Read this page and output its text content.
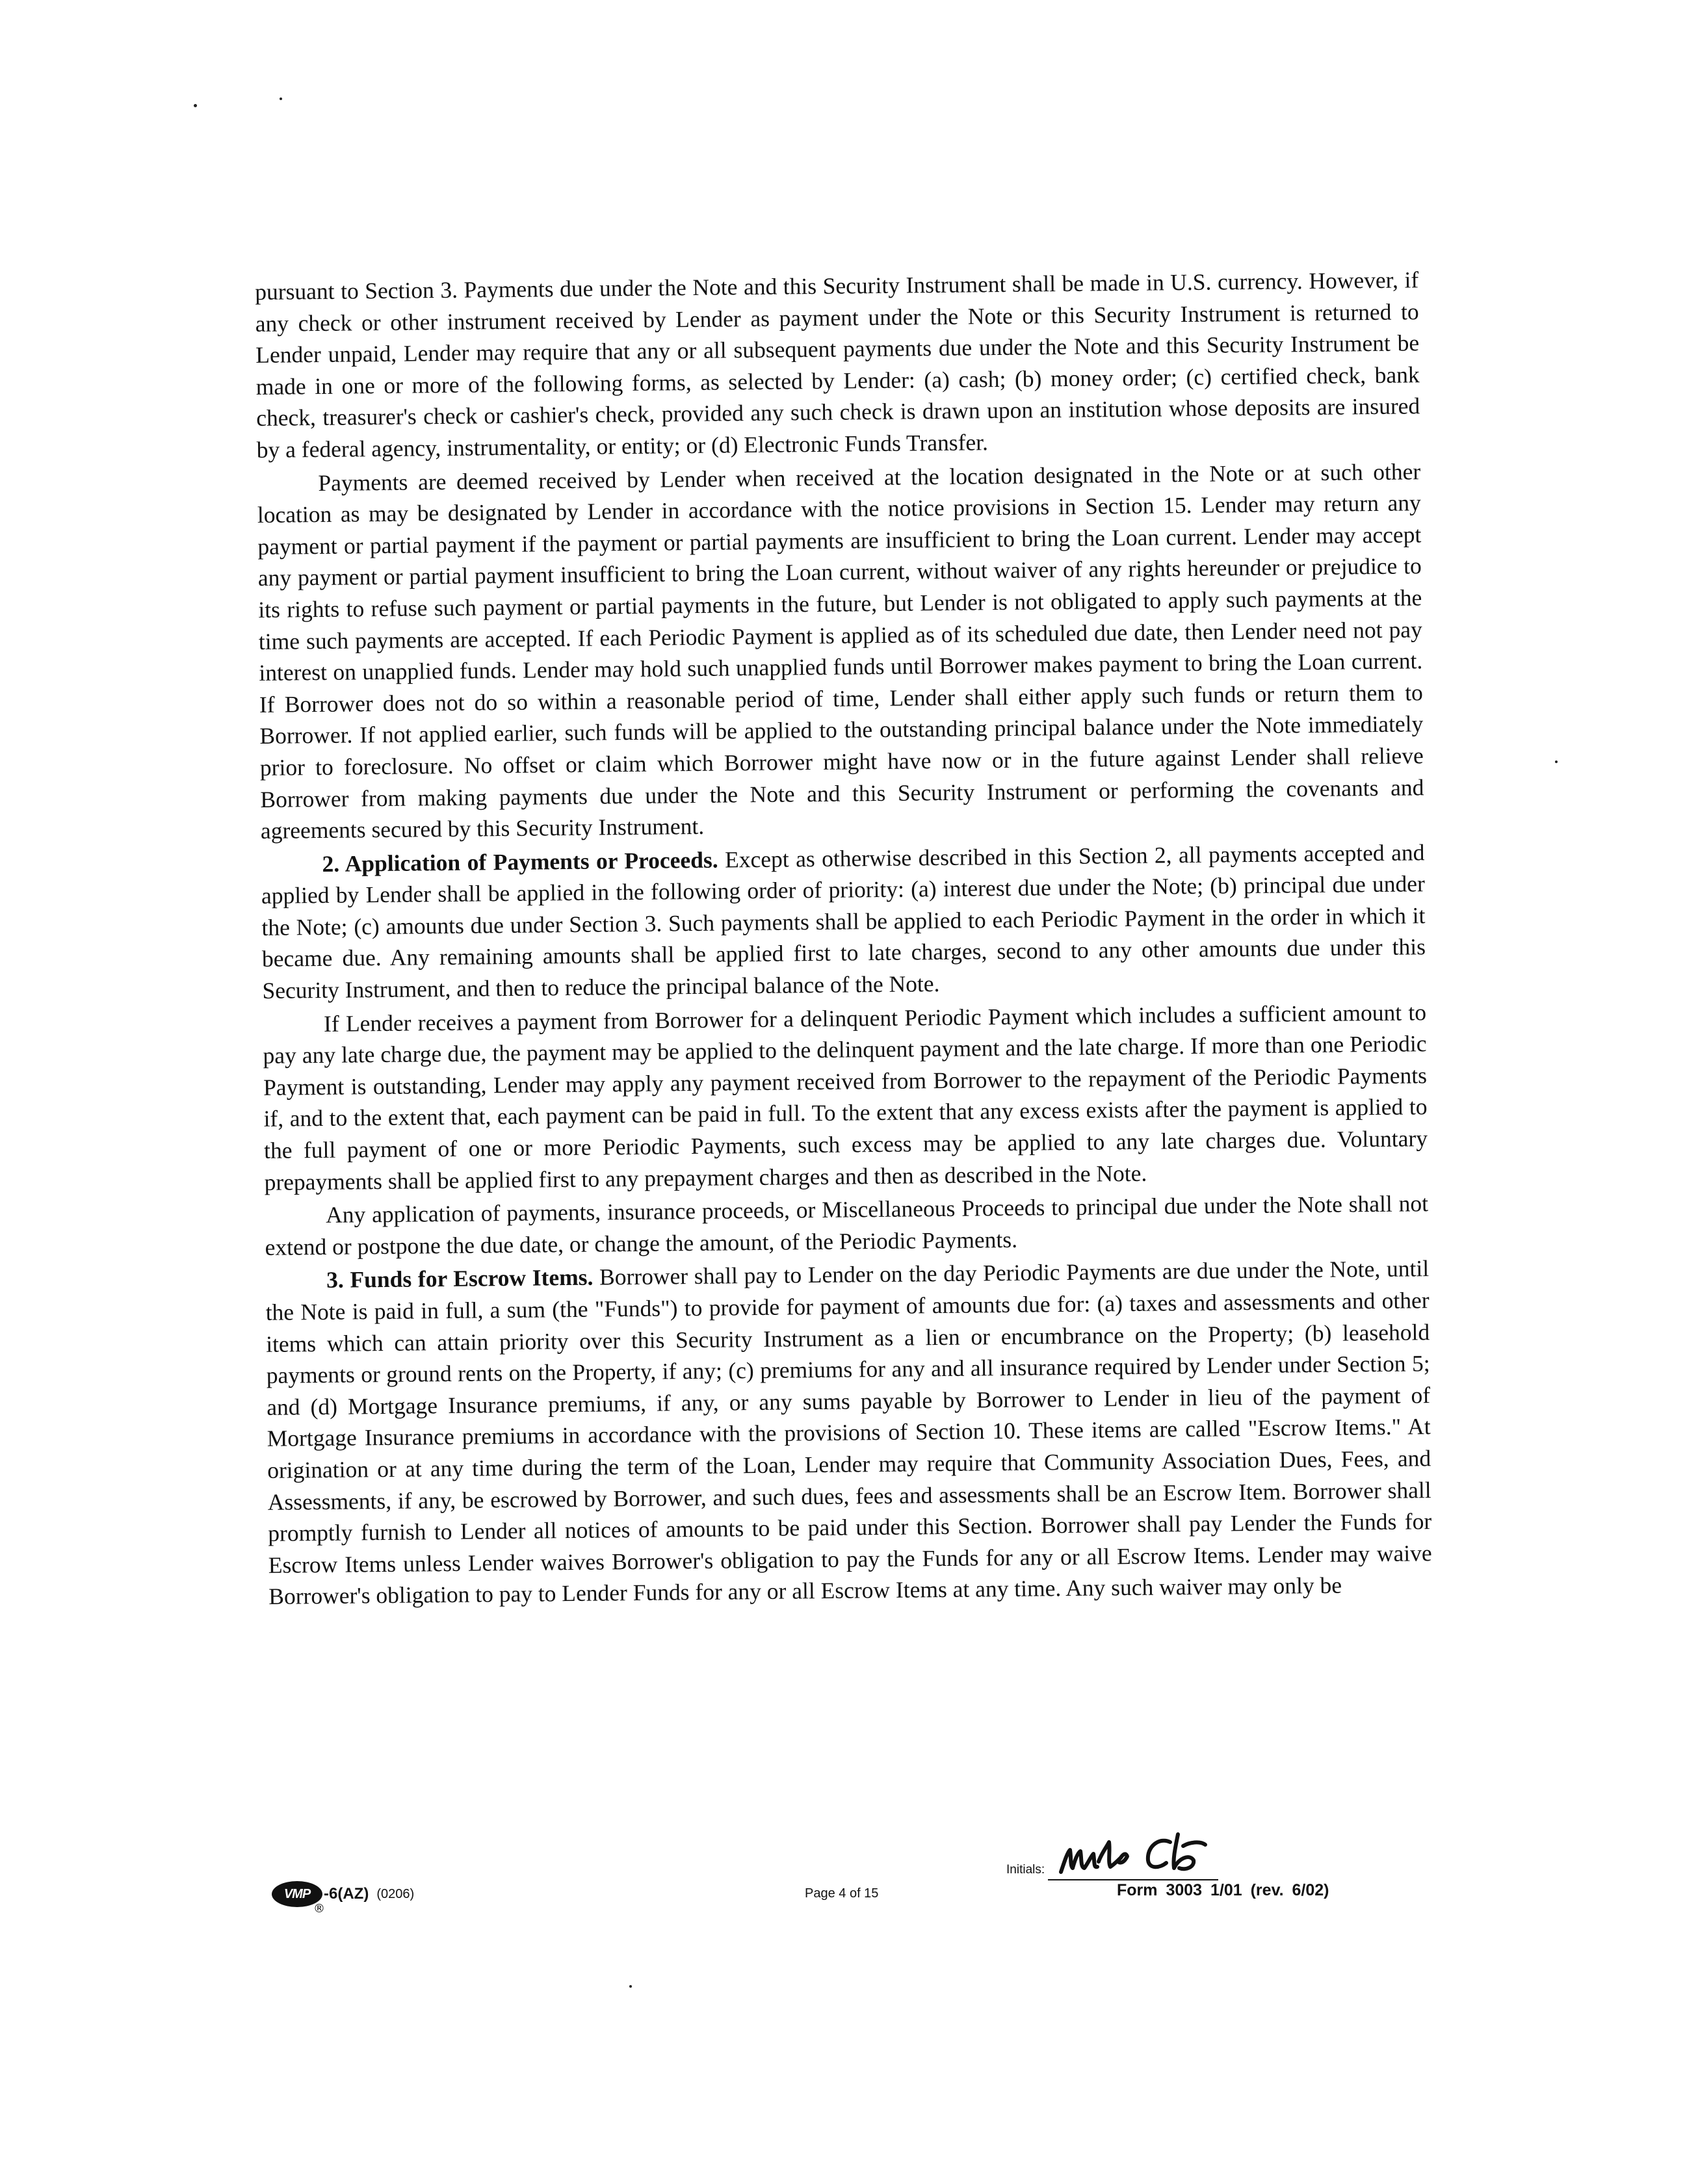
pursuant to Section 3. Payments due under the Note and this Security Instrument shall be made in U.S. currency. However, if any check or other instrument received by Lender as payment under the Note or this Security Instrument is returned to Lender unpaid, Lender may require that any or all subsequent payments due under the Note and this Security Instrument be made in one or more of the following forms, as selected by Lender: (a) cash; (b) money order; (c) certified check, bank check, treasurer's check or cashier's check, provided any such check is drawn upon an institution whose deposits are insured by a federal agency, instrumentality, or entity; or (d) Electronic Funds Transfer.

Payments are deemed received by Lender when received at the location designated in the Note or at such other location as may be designated by Lender in accordance with the notice provisions in Section 15. Lender may return any payment or partial payment if the payment or partial payments are insufficient to bring the Loan current. Lender may accept any payment or partial payment insufficient to bring the Loan current, without waiver of any rights hereunder or prejudice to its rights to refuse such payment or partial payments in the future, but Lender is not obligated to apply such payments at the time such payments are accepted. If each Periodic Payment is applied as of its scheduled due date, then Lender need not pay interest on unapplied funds. Lender may hold such unapplied funds until Borrower makes payment to bring the Loan current. If Borrower does not do so within a reasonable period of time, Lender shall either apply such funds or return them to Borrower. If not applied earlier, such funds will be applied to the outstanding principal balance under the Note immediately prior to foreclosure. No offset or claim which Borrower might have now or in the future against Lender shall relieve Borrower from making payments due under the Note and this Security Instrument or performing the covenants and agreements secured by this Security Instrument.

2. Application of Payments or Proceeds. Except as otherwise described in this Section 2, all payments accepted and applied by Lender shall be applied in the following order of priority: (a) interest due under the Note; (b) principal due under the Note; (c) amounts due under Section 3. Such payments shall be applied to each Periodic Payment in the order in which it became due. Any remaining amounts shall be applied first to late charges, second to any other amounts due under this Security Instrument, and then to reduce the principal balance of the Note.

If Lender receives a payment from Borrower for a delinquent Periodic Payment which includes a sufficient amount to pay any late charge due, the payment may be applied to the delinquent payment and the late charge. If more than one Periodic Payment is outstanding, Lender may apply any payment received from Borrower to the repayment of the Periodic Payments if, and to the extent that, each payment can be paid in full. To the extent that any excess exists after the payment is applied to the full payment of one or more Periodic Payments, such excess may be applied to any late charges due. Voluntary prepayments shall be applied first to any prepayment charges and then as described in the Note.

Any application of payments, insurance proceeds, or Miscellaneous Proceeds to principal due under the Note shall not extend or postpone the due date, or change the amount, of the Periodic Payments.

3. Funds for Escrow Items. Borrower shall pay to Lender on the day Periodic Payments are due under the Note, until the Note is paid in full, a sum (the "Funds") to provide for payment of amounts due for: (a) taxes and assessments and other items which can attain priority over this Security Instrument as a lien or encumbrance on the Property; (b) leasehold payments or ground rents on the Property, if any; (c) premiums for any and all insurance required by Lender under Section 5; and (d) Mortgage Insurance premiums, if any, or any sums payable by Borrower to Lender in lieu of the payment of Mortgage Insurance premiums in accordance with the provisions of Section 10. These items are called "Escrow Items." At origination or at any time during the term of the Loan, Lender may require that Community Association Dues, Fees, and Assessments, if any, be escrowed by Borrower, and such dues, fees and assessments shall be an Escrow Item. Borrower shall promptly furnish to Lender all notices of amounts to be paid under this Section. Borrower shall pay Lender the Funds for Escrow Items unless Lender waives Borrower's obligation to pay the Funds for any or all Escrow Items. Lender may waive Borrower's obligation to pay to Lender Funds for any or all Escrow Items at any time. Any such waiver may only be

VMP -6(AZ) (0206)
®
Page 4 of 15
Initials:
Form 3003 1/01 (rev. 6/02)
